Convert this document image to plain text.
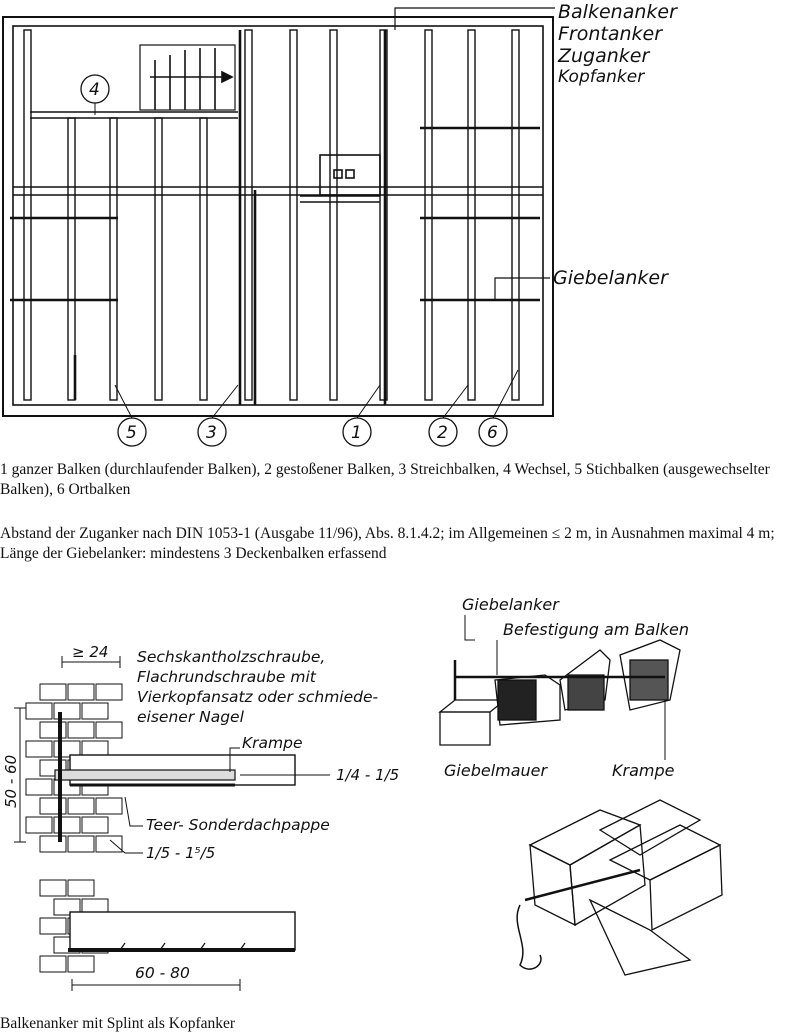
Balkenanker
Frontanker
Zuganker
Kopfanker
Giebelanker
4
5	3	1	2 6
≥ 24 Sechskantholzschraube,
Flachrundschraube mit
Vierkopfansatz oder schmiede-
eisener Nagel
Krampe
1/4 - 1/5
Teer- Sonderdachpappe
1/5 - 1⁵/5
50 - 60
60 - 80
Giebelanker
Befestigung am Balken
Giebelmauer	Krampe

1 ganzer Balken (durchlaufender Balken), 2 gestoßener Balken, 3 Streichbalken, 4 Wechsel, 5 Stichbalken (ausgewechselter Balken), 6 Ortbalken

Abstand der Zuganker nach DIN 1053-1 (Ausgabe 11/96), Abs. 8.1.4.2; im Allgemeinen ≤ 2 m, in Ausnahmen maximal 4 m; Länge der Giebelanker: mindestens 3 Deckenbalken erfassend

Balkenanker mit Splint als Kopfanker
